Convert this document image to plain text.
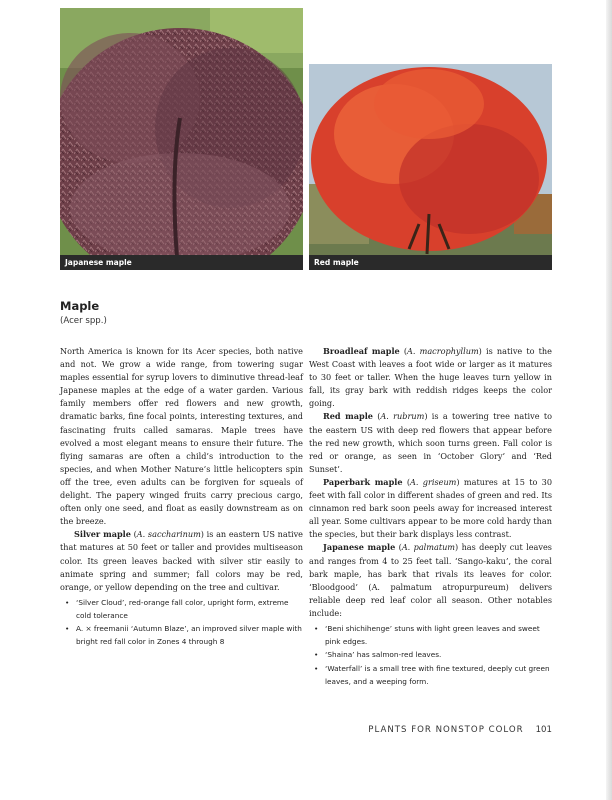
Japanese maple	Red maple
Maple
(Acer spp.)

North America is known for its Acer species, both native and not. We grow a wide range, from towering sugar maples essential for syrup lovers to diminutive thread-leaf Japanese maples at the edge of a water garden. Various family members offer red flowers and new growth, dramatic barks, fine focal points, interesting textures, and fascinating fruits called samaras. Maple trees have evolved a most elegant means to ensure their future. The flying samaras are often a child’s introduction to the species, and when Mother Nature’s little helicopters spin off the tree, even adults can be forgiven for squeals of delight. The papery winged fruits carry precious cargo, often only one seed, and float as easily downstream as on the breeze.

Silver maple (A. saccharinum) is an eastern US native that matures at 50 feet or taller and provides multiseason color. Its green leaves backed with silver stir easily to animate spring and summer; fall colors may be red, orange, or yellow depending on the tree and cultivar.

• ‘Silver Cloud’, red-orange fall color, upright form, extreme cold tolerance
• A. × freemanii ‘Autumn Blaze’, an improved silver maple with bright red fall color in Zones 4 through 8

Broadleaf maple (A. macrophyllum) is native to the West Coast with leaves a foot wide or larger as it matures to 30 feet or taller. When the huge leaves turn yellow in fall, its gray bark with reddish ridges keeps the color going.

Red maple (A. rubrum) is a towering tree native to the eastern US with deep red flowers that appear before the red new growth, which soon turns green. Fall color is red or orange, as seen in ‘October Glory’ and ‘Red Sunset’.

Paperbark maple (A. griseum) matures at 15 to 30 feet with fall color in different shades of green and red. Its cinnamon red bark soon peels away for increased interest all year. Some cultivars appear to be more cold hardy than the species, but their bark displays less contrast.

Japanese maple (A. palmatum) has deeply cut leaves and ranges from 4 to 25 feet tall. ‘Sango-kaku’, the coral bark maple, has bark that rivals its leaves for color. ‘Bloodgood’ (A. palmatum atropurpureum) delivers reliable deep red leaf color all season. Other notables include:

• ‘Beni shichihenge’ stuns with light green leaves and sweet pink edges.
• ‘Shaina’ has salmon-red leaves.
• ‘Waterfall’ is a small tree with fine textured, deeply cut green leaves, and a weeping form.
PLANTS FOR NONSTOP COLOR 101
